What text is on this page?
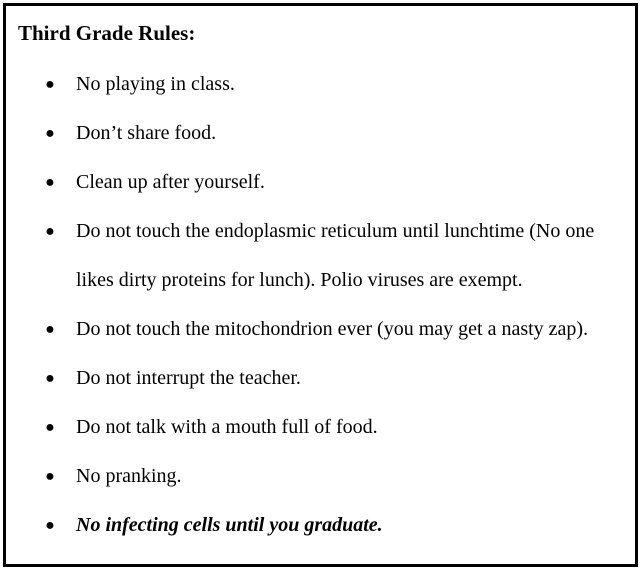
Third Grade Rules:
● No playing in class.
● Don’t share food.
● Clean up after yourself.
● Do not touch the endoplasmic reticulum until lunchtime (No one likes dirty proteins for lunch). Polio viruses are exempt.
● Do not touch the mitochondrion ever (you may get a nasty zap).
● Do not interrupt the teacher.
● Do not talk with a mouth full of food.
● No pranking.
● No infecting cells until you graduate.
